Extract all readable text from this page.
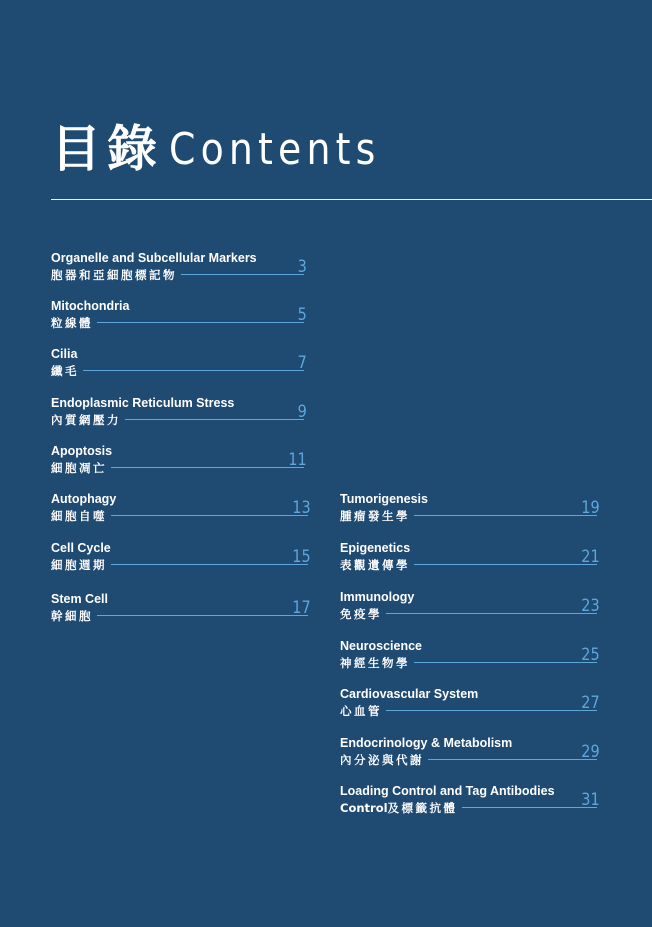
目錄 Contents
Organelle and Subcellular Markers
胞器和亞細胞標記物	3
Mitochondria
粒線體	5
Cilia
纖毛	7
Endoplasmic Reticulum Stress
內質網壓力	9
Apoptosis
細胞凋亡	11
Autophagy
細胞自噬	13
Cell Cycle
細胞週期	15
Stem Cell
幹細胞	17
Tumorigenesis
腫瘤發生學	19
Epigenetics
表觀遺傳學	21
Immunology
免疫學	23
Neuroscience
神經生物學	25
Cardiovascular System
心血管	27
Endocrinology & Metabolism
內分泌與代謝	29
Loading Control and Tag Antibodies
Control 及標籤抗體	31
